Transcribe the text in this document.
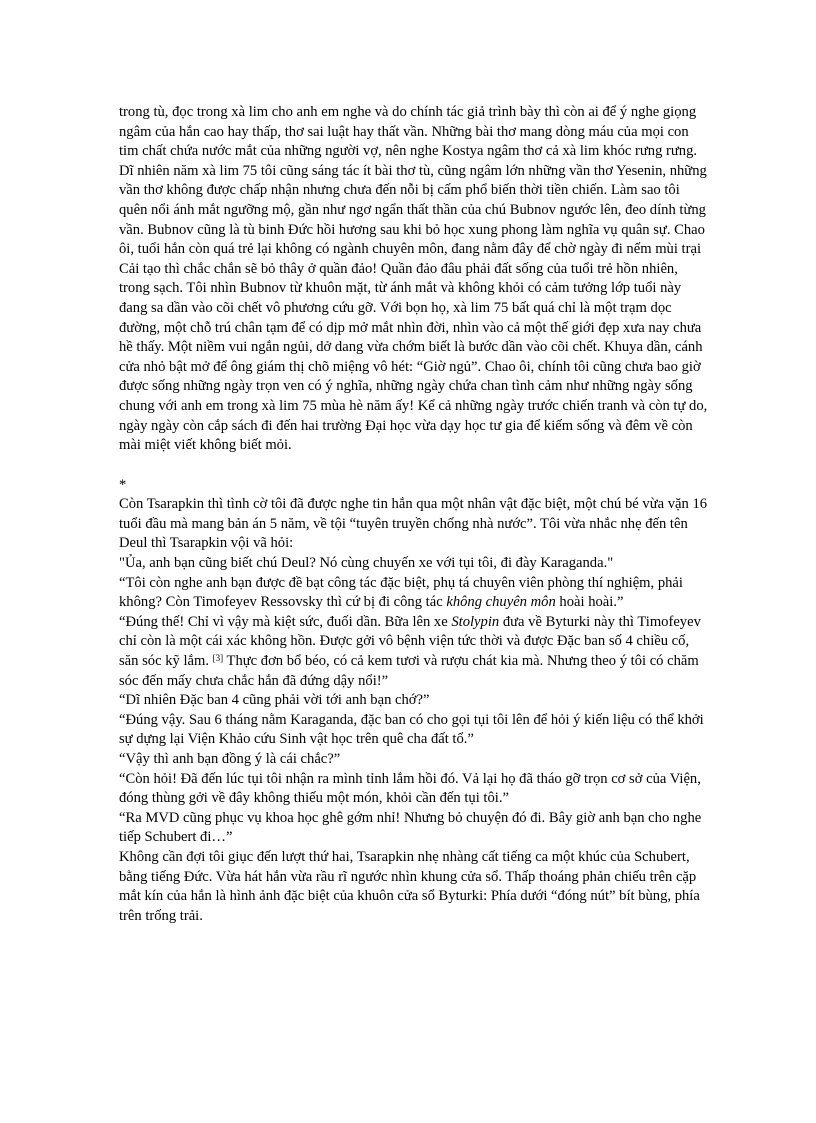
trong tù, đọc trong xà lim cho anh em nghe và do chính tác giả trình bày thì còn ai để ý nghe giọng ngâm của hắn cao hay thấp, thơ sai luật hay thất vần. Những bài thơ mang dòng máu của mọi con tim chất chứa nước mắt của những người vợ, nên nghe Kostya ngâm thơ cả xà lim khóc rưng rưng.

Dĩ nhiên năm xà lim 75 tôi cũng sáng tác ít bài thơ tù, cũng ngâm lớn những vần thơ Yesenin, những vần thơ không được chấp nhận nhưng chưa đến nỗi bị cấm phổ biến thời tiền chiến. Làm sao tôi quên nổi ánh mắt ngưỡng mộ, gần như ngơ ngẩn thất thần của chú Bubnov ngước lên, đeo dính từng vần. Bubnov cũng là tù binh Đức hồi hương sau khi bỏ học xung phong làm nghĩa vụ quân sự. Chao ôi, tuổi hắn còn quá trẻ lại không có ngành chuyên môn, đang nằm đây để chờ ngày đi nếm mùi trại Cải tạo thì chắc chắn sẽ bỏ thây ở quần đảo! Quần đảo đâu phải đất sống của tuổi trẻ hồn nhiên, trong sạch. Tôi nhìn Bubnov từ khuôn mặt, từ ánh mắt và không khỏi có cảm tưởng lớp tuổi này đang sa dần vào cõi chết vô phương cứu gỡ. Với bọn họ, xà lim 75 bất quá chỉ là một trạm dọc đường, một chỗ trú chân tạm để có dịp mở mắt nhìn đời, nhìn vào cả một thế giới đẹp xưa nay chưa hề thấy. Một niềm vui ngắn ngủi, dở dang vừa chớm biết là bước dần vào cõi chết. Khuya dần, cánh cửa nhỏ bật mở để ông giám thị chõ miệng vô hét: “Giờ ngủ”. Chao ôi, chính tôi cũng chưa bao giờ được sống những ngày trọn ven có ý nghĩa, những ngày chứa chan tình cảm như những ngày sống chung với anh em trong xà lim 75 mùa hè năm ấy! Kể cả những ngày trước chiến tranh và còn tự do, ngày ngày còn cắp sách đi đến hai trường Đại học vừa dạy học tư gia để kiếm sống và đêm về còn mài miệt viết không biết mỏi.

*

Còn Tsarapkin thì tình cờ tôi đã được nghe tin hắn qua một nhân vật đặc biệt, một chú bé vừa vặn 16 tuổi đầu mà mang bản án 5 năm, về tội “tuyên truyền chống nhà nước”. Tôi vừa nhắc nhẹ đến tên Deul thì Tsarapkin vội vã hỏi:

"Ủa, anh bạn cũng biết chú Deul? Nó cùng chuyến xe với tụi tôi, đi đày Karaganda."

“Tôi còn nghe anh bạn được đề bạt công tác đặc biệt, phụ tá chuyên viên phòng thí nghiệm, phải không? Còn Timofeyev Ressovsky thì cứ bị đi công tác không chuyên môn hoài hoài.”

“Đúng thế! Chỉ vì vậy mà kiệt sức, đuối dần. Bữa lên xe Stolypin đưa về Byturki này thì Timofeyev chỉ còn là một cái xác không hồn. Được gởi vô bệnh viện tức thời và được Đặc ban số 4 chiều cố, săn sóc kỹ lắm. [3] Thực đơn bổ béo, có cả kem tươi và rượu chát kia mà. Nhưng theo ý tôi có chăm sóc đến mấy chưa chắc hắn đã đứng dậy nổi!”

“Dĩ nhiên Đặc ban 4 cũng phải vời tới anh bạn chớ?”

“Đúng vậy. Sau 6 tháng nằm Karaganda, đặc ban có cho gọi tụi tôi lên để hỏi ý kiến liệu có thể khởi sự dựng lại Viện Khảo cứu Sinh vật học trên quê cha đất tổ.”

“Vậy thì anh bạn đồng ý là cái chắc?”

“Còn hỏi! Đã đến lúc tụi tôi nhận ra mình tỉnh lắm hồi đó. Vả lại họ đã tháo gỡ trọn cơ sở của Viện, đóng thùng gởi về đây không thiếu một món, khỏi cần đến tụi tôi.”

“Ra MVD cũng phục vụ khoa học ghê gớm nhỉ! Nhưng bỏ chuyện đó đi. Bây giờ anh bạn cho nghe tiếp Schubert đi…”

Không cần đợi tôi giục đến lượt thứ hai, Tsarapkin nhẹ nhàng cất tiếng ca một khúc của Schubert, bằng tiếng Đức. Vừa hát hắn vừa rầu rĩ ngước nhìn khung cửa sổ. Thấp thoáng phản chiếu trên cặp mắt kín của hắn là hình ảnh đặc biệt của khuôn cửa sổ Byturki: Phía dưới “đóng nút” bít bùng, phía trên trống trải.
